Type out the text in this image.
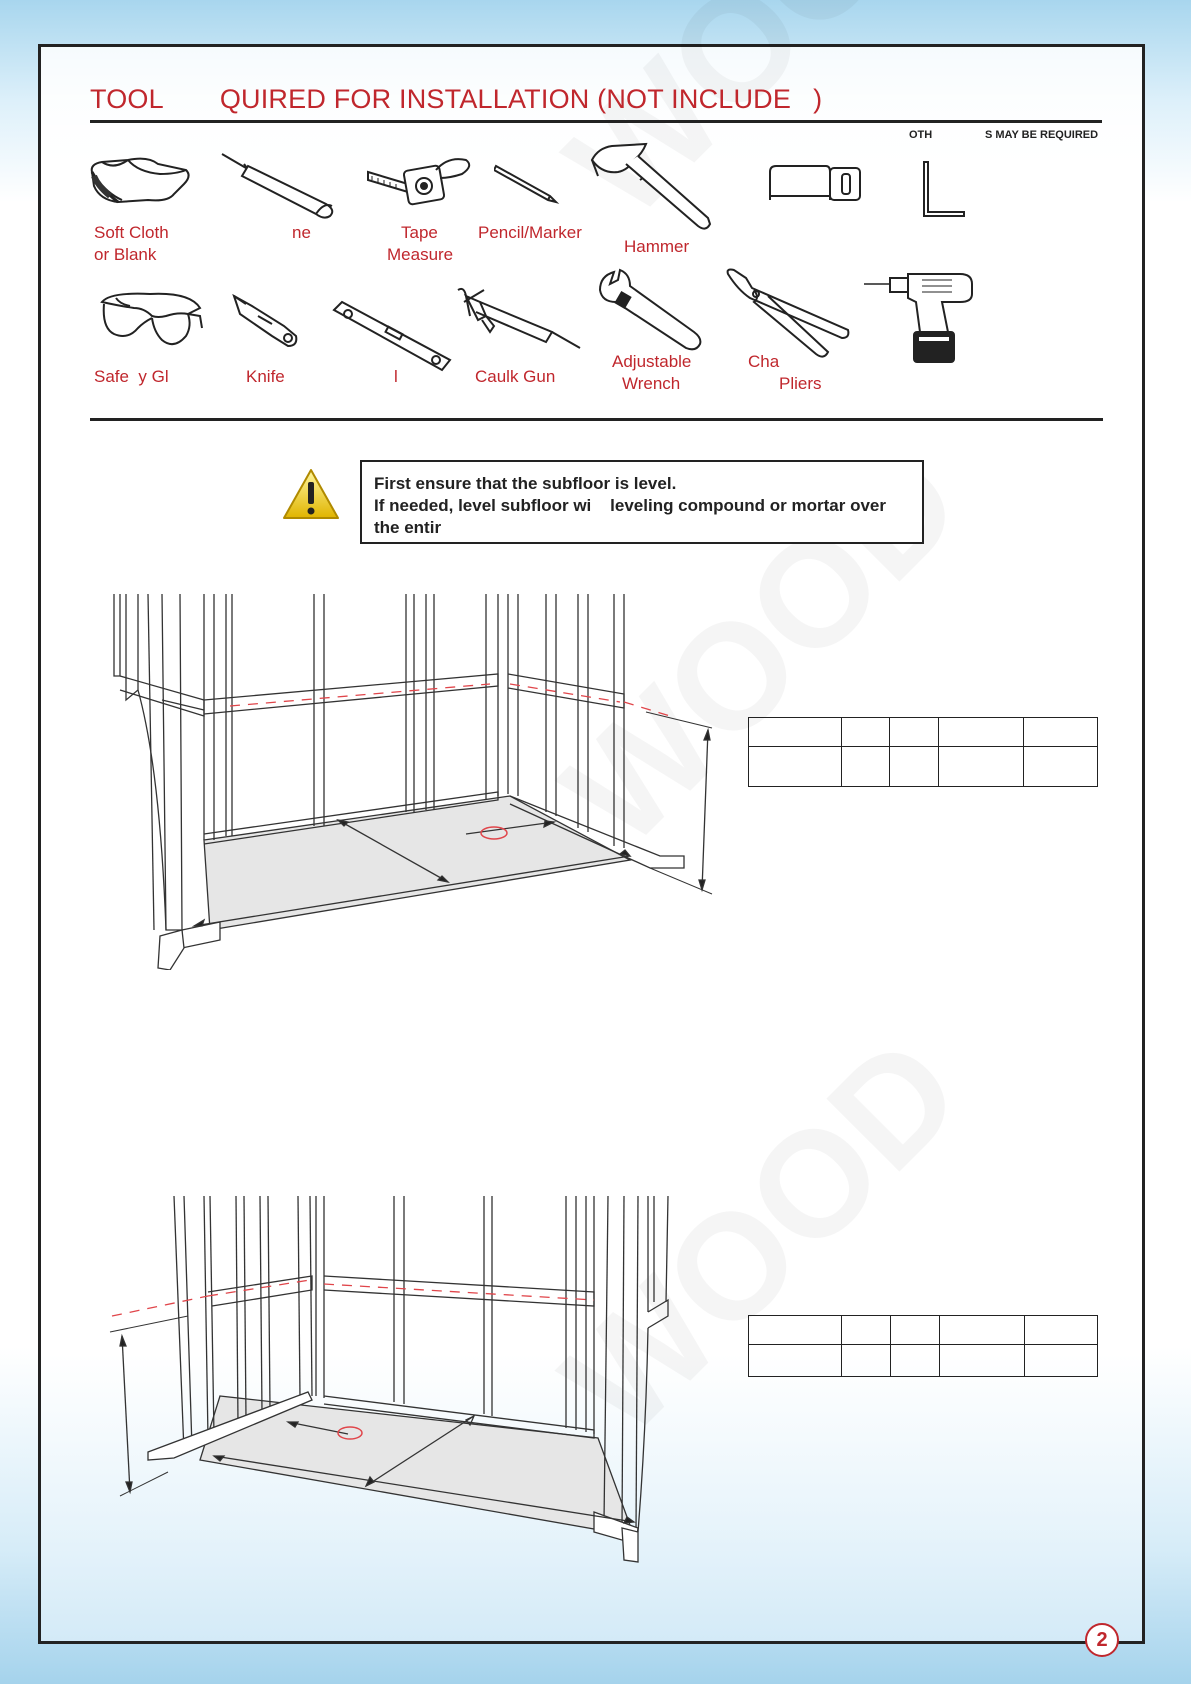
TOOL QUIRED FOR INSTALLATION (NOT INCLUDE )
OTH	S MAY BE REQUIRED
Soft Cloth
or Blank
ne	Tape
Measure
Pencil/Marker
Hammer
Safe  y Gl	Knife	l	Caulk Gun
Adjustable
Wrench
Cha
Pliers
First ensure that the subfloor is level.
If needed, level subfloor wi    leveling compound or mortar over
the entir

2
